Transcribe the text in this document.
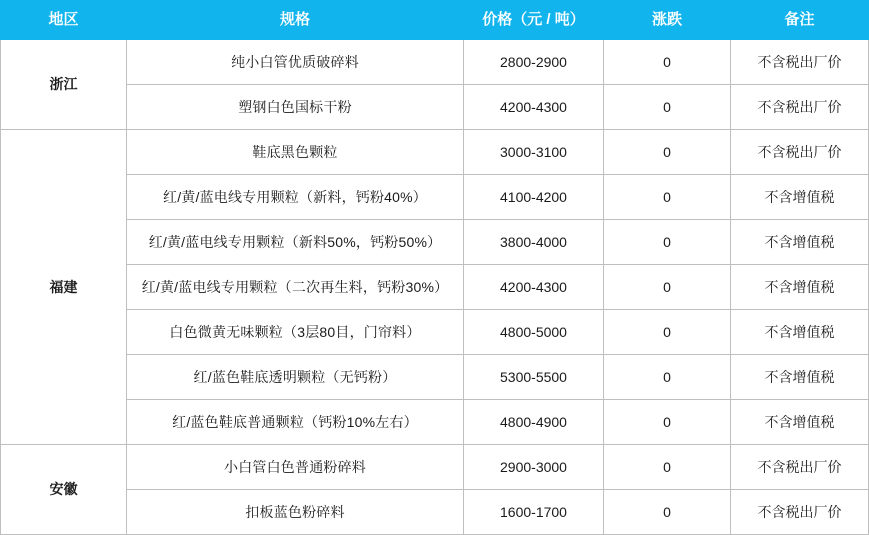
地区	规格	价格（元 / 吨）	涨跌	备注
浙江	纯小白管优质破碎料	2800-2900	0	不含税出厂价
	塑钢白色国标干粉	4200-4300	0	不含税出厂价
福建	鞋底黑色颗粒	3000-3100	0	不含税出厂价
	红/黄/蓝电线专用颗粒（新料，钙粉40%）	4100-4200	0	不含增值税
	红/黄/蓝电线专用颗粒（新料50%，钙粉50%）	3800-4000	0	不含增值税
	红/黄/蓝电线专用颗粒（二次再生料，钙粉30%）	4200-4300	0	不含增值税
	白色微黄无味颗粒（3层80目，门帘料）	4800-5000	0	不含增值税
	红/蓝色鞋底透明颗粒（无钙粉）	5300-5500	0	不含增值税
	红/蓝色鞋底普通颗粒（钙粉10%左右）	4800-4900	0	不含增值税
安徽	小白管白色普通粉碎料	2900-3000	0	不含税出厂价
	扣板蓝色粉碎料	1600-1700	0	不含税出厂价
